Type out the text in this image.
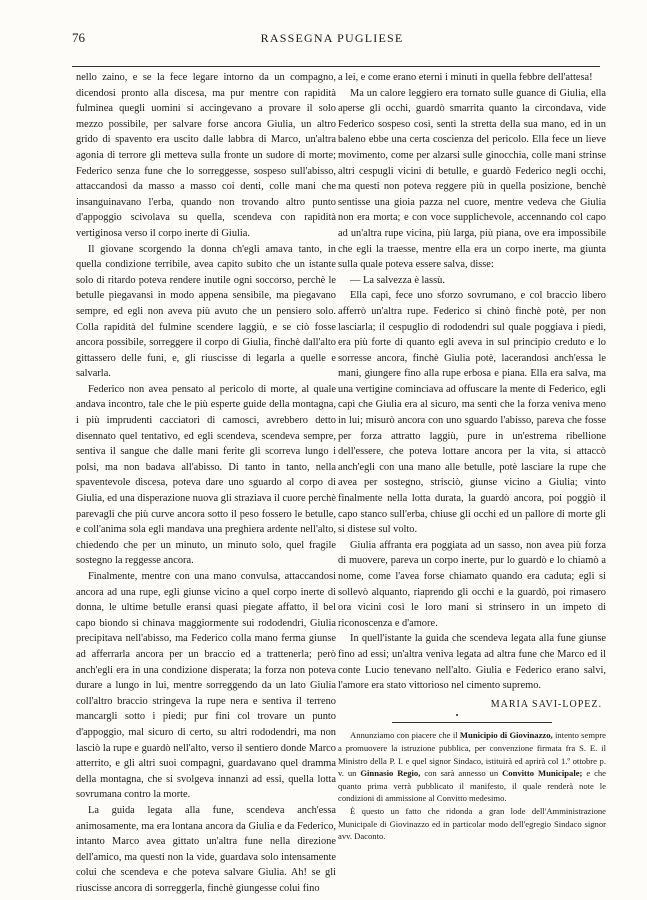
76	RASSEGNA PUGLIESE

nello zaino, e se la fece legare intorno da un compagno, dicendosi pronto alla discesa, ma pur mentre con rapidità fulminea quegli uomini si accingevano a provare il solo mezzo possibile, per salvare forse ancora Giulia, un altro grido di spavento era uscito dalle labbra di Marco, un'altra agonia di terrore gli metteva sulla fronte un sudore di morte; Federico senza fune che lo sorreggesse, sospeso sull'abisso, attaccandosi da masso a masso coi denti, colle mani che insanguinavano l'erba, quando non trovando altro punto d'appoggio scivolava su quella, scendeva con rapidità vertiginosa verso il corpo inerte di Giulia.

Il giovane scorgendo la donna ch'egli amava tanto, in quella condizione terribile, avea capito subito che un istante solo di ritardo poteva rendere inutile ogni soccorso, perchè le betulle piegavansi in modo appena sensibile, ma piegavano sempre, ed egli non aveva più avuto che un pensiero solo. Colla rapidità del fulmine scendere laggiù, e se ciò fosse ancora possibile, sorreggere il corpo di Giulia, finchè dall'alto gittassero delle funi, e, gli riuscisse di legarla a quelle e salvarla.

Federico non avea pensato al pericolo di morte, al quale andava incontro, tale che le più esperte guide della montagna, i più imprudenti cacciatori di camosci, avrebbero detto disennato quel tentativo, ed egli scendeva, scendeva sempre, sentiva il sangue che dalle mani ferite gli scorreva lungo i polsi, ma non badava all'abisso. Di tanto in tanto, nella spaventevole discesa, poteva dare uno sguardo al corpo di Giulia, ed una disperazione nuova gli straziava il cuore perchè parevagli che più curve ancora sotto il peso fossero le betulle, e coll'anima sola egli mandava una preghiera ardente nell'alto, chiedendo che per un minuto, un minuto solo, quel fragile sostegno la reggesse ancora.

Finalmente, mentre con una mano convulsa, attaccandosi ancora ad una rupe, egli giunse vicino a quel corpo inerte di donna, le ultime betulle eransi quasi piegate affatto, il bel capo biondo si chinava maggiormente sui rododendri, Giulia precipitava nell'abisso, ma Federico colla mano ferma giunse ad afferrarla ancora per un braccio ed a trattenerla; però anch'egli era in una condizione disperata; la forza non poteva durare a lungo in lui, mentre sorreggendo da un lato Giulia coll'altro braccio stringeva la rupe nera e sentiva il terreno mancargli sotto i piedi; pur fini col trovare un punto d'appoggio, mal sicuro di certo, su altri rododendri, ma non lasciò la rupe e guardò nell'alto, verso il sentiero donde Marco atterrito, e gli altri suoi compagni, guardavano quel dramma della montagna, che si svolgeva innanzi ad essi, quella lotta sovrumana contro la morte.

La guida legata alla fune, scendeva anch'essa animosamente, ma era lontana ancora da Giulia e da Federico, intanto Marco avea gittato un'altra fune nella direzione dell'amico, ma questi non la vide, guardava solo intensamente colui che scendeva e che poteva salvare Giulia. Ah! se gli riuscisse ancora di sorreggerla, finchè giungesse colui fino

a lei, e come erano eterni i minuti in quella febbre dell'attesa!

Ma un calore leggiero era tornato sulle guance di Giulia, ella aperse gli occhi, guardò smarrita quanto la circondava, vide Federico sospeso così, sentì la stretta della sua mano, ed in un baleno ebbe una certa coscienza del pericolo. Ella fece un lieve movimento, come per alzarsi sulle ginocchia, colle mani strinse altri cespugli vicini di betulle, e guardò Federico negli occhi, ma questi non poteva reggere più in quella posizione, benchè sentisse una gioia pazza nel cuore, mentre vedeva che Giulia non era morta; e con voce supplichevole, accennando col capo ad un'altra rupe vicina, più larga, più piana, ove era impossibile che egli la traesse, mentre ella era un corpo inerte, ma giunta sulla quale poteva essere salva, disse:

— La salvezza è lassù.

Ella capì, fece uno sforzo sovrumano, e col braccio libero afferrò un'altra rupe. Federico si chinò finchè potè, per non lasciarla; il cespuglio di rododendri sul quale poggiava i piedi, era più forte di quanto egli aveva in sul principio creduto e lo sorresse ancora, finchè Giulia potè, lacerandosi anch'essa le mani, giungere fino alla rupe erbosa e piana. Ella era salva, ma una vertigine cominciava ad offuscare la mente di Federico, egli capì che Giulia era al sicuro, ma sentì che la forza veniva meno in lui; misurò ancora con uno sguardo l'abisso, pareva che fosse per forza attratto laggiù, pure in un'estrema ribellione dell'essere, che poteva lottare ancora per la vita, si attaccò anch'egli con una mano alle betulle, potè lasciare la rupe che avea per sostegno, strisciò, giunse vicino a Giulia; vinto finalmente nella lotta durata, la guardò ancora, poi poggiò il capo stanco sull'erba, chiuse gli occhi ed un pallore di morte gli si distese sul volto.

Giulia affranta era poggiata ad un sasso, non avea più forza di muovere, pareva un corpo inerte, pur lo guardò e lo chiamò a nome, come l'avea forse chiamato quando era caduta; egli si sollevò alquanto, riaprendo gli occhi e la guardò, poi rimasero ora vicini così le loro mani si strinsero in un impeto di riconoscenza e d'amore.

In quell'istante la guida che scendeva legata alla fune giunse fino ad essi; un'altra veniva legata ad altra fune che Marco ed il conte Lucio tenevano nell'alto. Giulia e Federico erano salvi, l'amore era stato vittorioso nel cimento supremo.

MARIA SAVI-LOPEZ.
•

Annunziamo con piacere che il Municipio di Giovinazzo, intento sempre a promuovere la istruzione pubblica, per convenzione firmata fra S. E. il Ministro della P. I. e quel signor Sindaco, istituirà ed aprirà col 1.º ottobre p. v. un Ginnasio Regio, con sarà annesso un Convitto Municipale; e che quanto prima verrà pubblicato il manifesto, il quale renderà note le condizioni di ammissione al Convitto medesimo.

È questo un fatto che ridonda a gran lode dell'Amministrazione Municipale di Giovinazzo ed in particolar modo dell'egregio Sindaco signor avv. Daconto.
